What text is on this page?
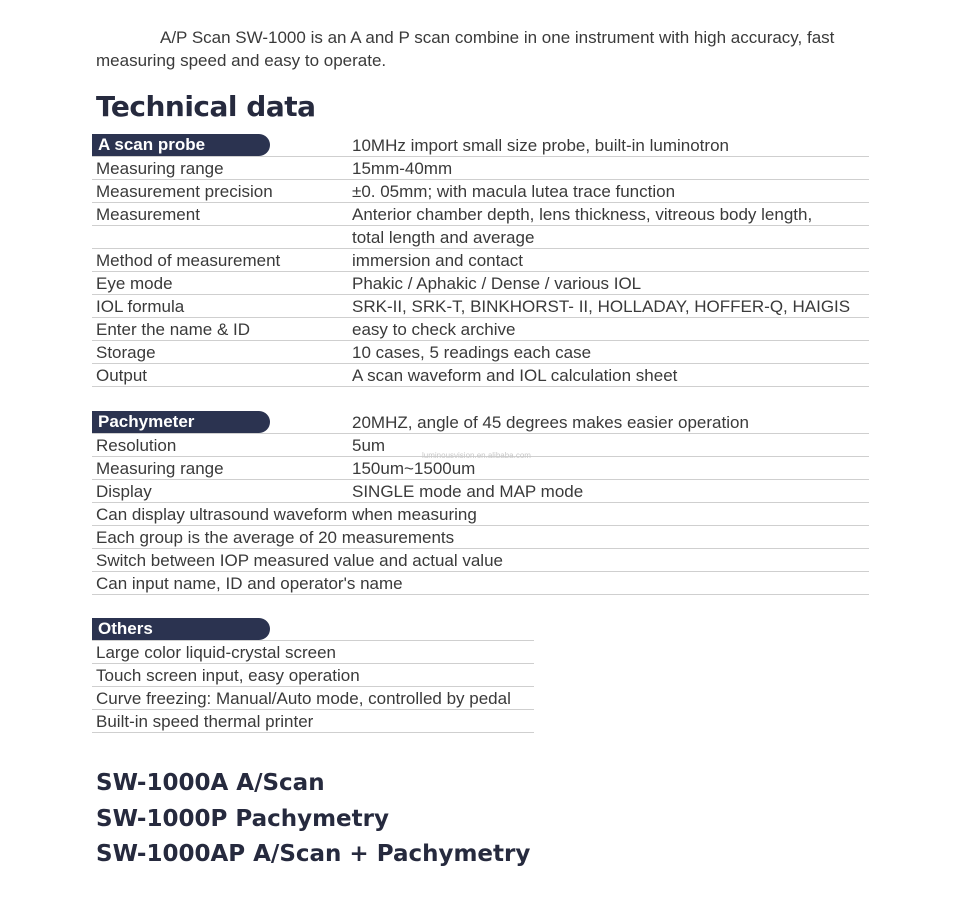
A/P Scan SW-1000 is an A and P scan combine in one instrument with high accuracy, fast measuring speed and easy to operate.

Technical data
A scan probe	10MHz import small size probe, built-in luminotron
Measuring range	15mm-40mm
Measurement precision	±0. 05mm; with macula lutea trace function
Measurement	Anterior chamber depth, lens thickness, vitreous body length,
	total length and average
Method of measurement	immersion and contact
Eye mode	Phakic / Aphakic / Dense / various IOL
IOL formula	SRK-II, SRK-T, BINKHORST- II, HOLLADAY, HOFFER-Q, HAIGIS
Enter the name & ID	easy to check archive
Storage	10 cases, 5 readings each case
Output	A scan waveform and IOL calculation sheet
Pachymeter	20MHZ, angle of 45 degrees makes easier operation
Resolution	5um
Measuring range	150um~1500um
Display	SINGLE mode and MAP mode
Can display ultrasound waveform when measuring	
Each group is the average of 20 measurements	
Switch between IOP measured value and actual value	
Can input name, ID and operator's name	
luminousvision.en.alibaba.com
Others
Large color liquid-crystal screen
Touch screen input, easy operation
Curve freezing: Manual/Auto mode, controlled by pedal
Built-in speed thermal printer
SW-1000A A/Scan
SW-1000P Pachymetry
SW-1000AP A/Scan + Pachymetry
